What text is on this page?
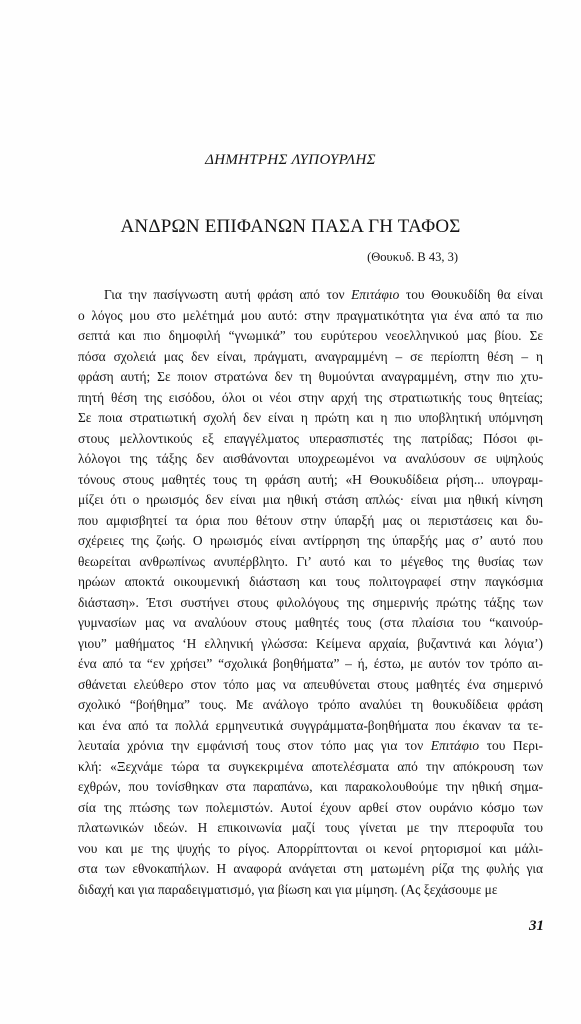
ΔΗΜΗΤΡΗΣ ΛΥΠΟΥΡΛΗΣ
ΑΝΔΡΩΝ ΕΠΙΦΑΝΩΝ ΠΑΣΑ ΓΗ ΤΑΦΟΣ

(Θουκυδ. Β 43, 3)

Για την πασίγνωστη αυτή φράση από τον Επιτάφιο του Θουκυδίδη θα είναι
ο λόγος μου στο μελέτημά μου αυτό: στην πραγματικότητα για ένα από τα πιο
σεπτά και πιο δημοφιλή “γνωμικά” του ευρύτερου νεοελληνικού μας βίου. Σε
πόσα σχολειά μας δεν είναι, πράγματι, αναγραμμένη – σε περίοπτη θέση – η
φράση αυτή; Σε ποιον στρατώνα δεν τη θυμούνται αναγραμμένη, στην πιο χτυ-
πητή θέση της εισόδου, όλοι οι νέοι στην αρχή της στρατιωτικής τους θητείας;
Σε ποια στρατιωτική σχολή δεν είναι η πρώτη και η πιο υποβλητική υπόμνηση
στους μελλοντικούς εξ επαγγέλματος υπερασπιστές της πατρίδας; Πόσοι φι-
λόλογοι της τάξης δεν αισθάνονται υποχρεωμένοι να αναλύσουν σε υψηλούς
τόνους στους μαθητές τους τη φράση αυτή; «Η Θουκυδίδεια ρήση... υπογραμ-
μίζει ότι ο ηρωισμός δεν είναι μια ηθική στάση απλώς· είναι μια ηθική κίνηση
που αμφισβητεί τα όρια που θέτουν στην ύπαρξή μας οι περιστάσεις και δυ-
σχέρειες της ζωής. Ο ηρωισμός είναι αντίρρηση της ύπαρξής μας σ’ αυτό που
θεωρείται ανθρωπίνως ανυπέρβλητο. Γι’ αυτό και το μέγεθος της θυσίας των
ηρώων αποκτά οικουμενική διάσταση και τους πολιτογραφεί στην παγκόσμια
διάσταση». Έτσι συστήνει στους φιλολόγους της σημερινής πρώτης τάξης των
γυμνασίων μας να αναλύουν στους μαθητές τους (στα πλαίσια του “καινούρ-
γιου” μαθήματος ‘Η ελληνική γλώσσα: Κείμενα αρχαία, βυζαντινά και λόγια’)
ένα από τα “εν χρήσει” “σχολικά βοηθήματα” – ή, έστω, με αυτόν τον τρόπο αι-
σθάνεται ελεύθερο στον τόπο μας να απευθύνεται στους μαθητές ένα σημερινό
σχολικό “βοήθημα” τους. Με ανάλογο τρόπο αναλύει τη θουκυδίδεια φράση
και ένα από τα πολλά ερμηνευτικά συγγράμματα-βοηθήματα που έκαναν τα τε-
λευταία χρόνια την εμφάνισή τους στον τόπο μας για τον Επιτάφιο του Περι-
κλή: «Ξεχνάμε τώρα τα συγκεκριμένα αποτελέσματα από την απόκρουση των
εχθρών, που τονίσθηκαν στα παραπάνω, και παρακολουθούμε την ηθική σημα-
σία της πτώσης των πολεμιστών. Αυτοί έχουν αρθεί στον ουράνιο κόσμο των
πλατωνικών ιδεών. Η επικοινωνία μαζί τους γίνεται με την πτεροφυΐα του
νου και με της ψυχής το ρίγος. Απορρίπτονται οι κενοί ρητορισμοί και μάλι-
στα των εθνοκαπήλων. Η αναφορά ανάγεται στη ματωμένη ρίζα της φυλής για
διδαχή και για παραδειγματισμό, για βίωση και για μίμηση. (Ας ξεχάσουμε με

31
